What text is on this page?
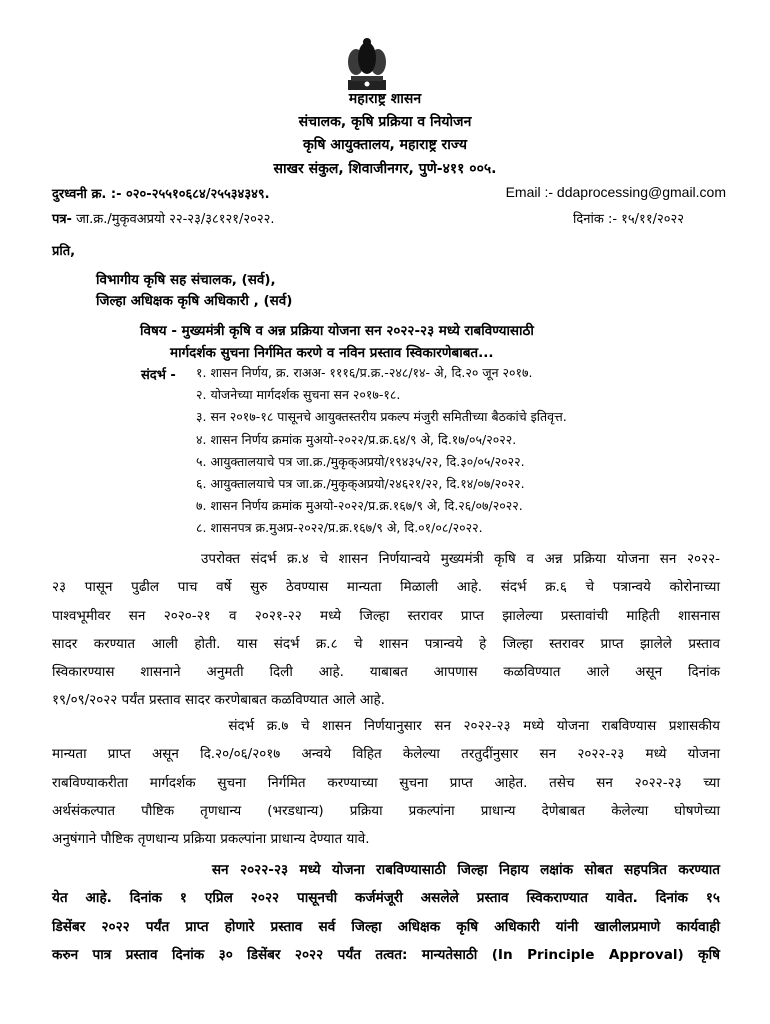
महाराष्ट्र शासन
संचालक, कृषि प्रक्रिया व नियोजन
कृषि आयुक्तालय, महाराष्ट्र राज्य
साखर संकुल, शिवाजीनगर, पुणे-४११ ००५.
दुरध्वनी क्र. :- ०२०-२५५१०६८४/२५५३४३४९.	Email :- ddaprocessing@gmail.com
पत्र- जा.क्र./मुकृवअप्रयो २२-२३/३८१२१/२०२२.	दिनांक :- १५/११/२०२२
प्रति,
विभागीय कृषि सह संचालक, (सर्व),
जिल्हा अधिक्षक कृषि अधिकारी , (सर्व)
विषय - मुख्यमंत्री कृषि व अन्न प्रक्रिया योजना सन २०२२-२३ मध्ये राबविण्यासाठी
मार्गदर्शक सुचना निर्गमित करणे व नविन प्रस्ताव स्विकारणेबाबत...
संदर्भ - १. शासन निर्णय, क्र. राअअ- १११६/प्र.क्र.-२४८/१४- अे, दि.२० जून २०१७.
२. योजनेच्या मार्गदर्शक सुचना सन २०१७-१८.
३. सन २०१७-१८ पासूनचे आयुक्तस्तरीय प्रकल्प मंजुरी समितीच्या बैठकांचे इतिवृत्त.
४. शासन निर्णय क्रमांक मुअयो-२०२२/प्र.क्र.६४/९ अे, दि.१७/०५/२०२२.
५. आयुक्तालयाचे पत्र जा.क्र./मुकृक्अप्रयो/१९४३५/२२, दि.३०/०५/२०२२.
६. आयुक्तालयाचे पत्र जा.क्र./मुकृक्अप्रयो/२४६२१/२२, दि.१४/०७/२०२२.
७. शासन निर्णय क्रमांक मुअयो-२०२२/प्र.क्र.१६७/९ अे, दि.२६/०७/२०२२.
८. शासनपत्र क्र.मुअप्र-२०२२/प्र.क्र.१६७/९ अे, दि.०१/०८/२०२२.
उपरोक्त संदर्भ क्र.४ चे शासन निर्णयान्वये मुख्यमंत्री कृषि व अन्न प्रक्रिया योजना सन २०२२-
२३ पासून पुढील पाच वर्षे सुरु ठेवण्यास मान्यता मिळाली आहे. संदर्भ क्र.६ चे पत्रान्वये कोरोनाच्या
पाश्वभूमीवर सन २०२०-२१ व २०२१-२२ मध्ये जिल्हा स्तरावर प्राप्त झालेल्या प्रस्तावांची माहिती शासनास
सादर करण्यात आली होती. यास संदर्भ क्र.८ चे शासन पत्रान्वये हे जिल्हा स्तरावर प्राप्त झालेले प्रस्ताव
स्विकारण्यास शासनाने अनुमती दिली आहे. याबाबत आपणास कळविण्यात आले असून दिनांक
१९/०९/२०२२ पर्यंत प्रस्ताव सादर करणेबाबत कळविण्यात आले आहे.
संदर्भ क्र.७ चे शासन निर्णयानुसार सन २०२२-२३ मध्ये योजना राबविण्यास प्रशासकीय
मान्यता प्राप्त असून दि.२०/०६/२०१७ अन्वये विहित केलेल्या तरतुदींनुसार सन २०२२-२३ मध्ये योजना
राबविण्याकरीता मार्गदर्शक सुचना निर्गमित करण्याच्या सुचना प्राप्त आहेत. तसेच सन २०२२-२३ च्या
अर्थसंकल्पात पौष्टिक तृणधान्य (भरडधान्य) प्रक्रिया प्रकल्पांना प्राधान्य देणेबाबत केलेल्या घोषणेच्या
अनुषंगाने पौष्टिक तृणधान्य प्रक्रिया प्रकल्पांना प्राधान्य देण्यात यावे.
सन २०२२-२३ मध्ये योजना राबविण्यासाठी जिल्हा निहाय लक्षांक सोबत सहपत्रित करण्यात
येत आहे. दिनांक १ एप्रिल २०२२ पासूनची कर्जमंजूरी असलेले प्रस्ताव स्विकराण्यात यावेत. दिनांक १५
डिसेंबर २०२२ पर्यंत प्राप्त होणारे प्रस्ताव सर्व जिल्हा अधिक्षक कृषि अधिकारी यांनी खालीलप्रमाणे कार्यवाही
करुन पात्र प्रस्ताव दिनांक ३० डिसेंबर २०२२ पर्यंत तत्वत: मान्यतेसाठी (In Principle Approval) कृषि
